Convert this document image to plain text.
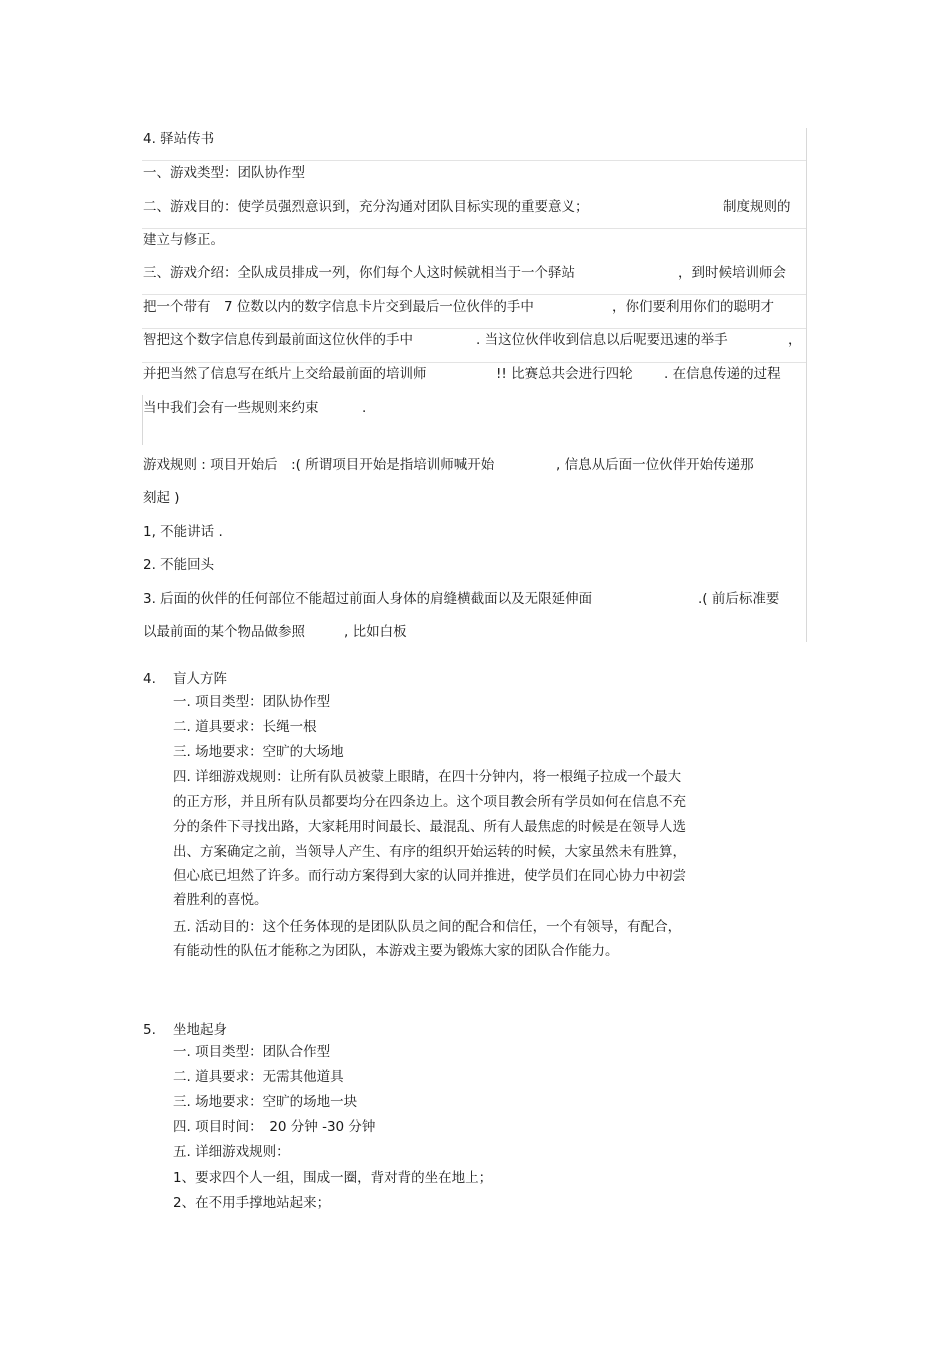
4. 驿站传书
一、游戏类型：团队协作型
二、游戏目的：使学员强烈意识到，充分沟通对团队目标实现的重要意义；	制度规则的
建立与修正。
三、游戏介绍：全队成员排成一列，你们每个人这时候就相当于一个驿站	，到时候培训师会
把一个带有　7 位数以内的数字信息卡片交到最后一位伙伴的手中	，你们要利用你们的聪明才
智把这个数字信息传到最前面这位伙伴的手中	. 当这位伙伴收到信息以后呢要迅速的举手	，
并把当然了信息写在纸片上交给最前面的培训师	!! 比赛总共会进行四轮 . 在信息传递的过程
当中我们会有一些规则来约束	.
游戏规则 : 项目开始后　:( 所谓项目开始是指培训师喊开始	, 信息从后面一位伙伴开始传递那
刻起 )
1, 不能讲话 .
2. 不能回头
3. 后面的伙伴的任何部位不能超过前面人身体的肩缝横截面以及无限延伸面	.( 前后标准要
以最前面的某个物品做参照	, 比如白板
4. 盲人方阵
一. 项目类型：团队协作型
二. 道具要求：长绳一根
三. 场地要求：空旷的大场地
四. 详细游戏规则：让所有队员被蒙上眼睛，在四十分钟内，将一根绳子拉成一个最大
的正方形，并且所有队员都要均分在四条边上。这个项目教会所有学员如何在信息不充
分的条件下寻找出路，大家耗用时间最长、最混乱、所有人最焦虑的时候是在领导人选
出、方案确定之前，当领导人产生、有序的组织开始运转的时候，大家虽然未有胜算，
但心底已坦然了许多。而行动方案得到大家的认同并推进，使学员们在同心协力中初尝
着胜利的喜悦。
五. 活动目的：这个任务体现的是团队队员之间的配合和信任，一个有领导，有配合，
有能动性的队伍才能称之为团队，本游戏主要为锻炼大家的团队合作能力。
5. 坐地起身
一. 项目类型：团队合作型
二. 道具要求：无需其他道具
三. 场地要求：空旷的场地一块
四. 项目时间：　20 分钟 -30 分钟
五. 详细游戏规则：
1、要求四个人一组，围成一圈，背对背的坐在地上；
2、在不用手撑地站起来；
